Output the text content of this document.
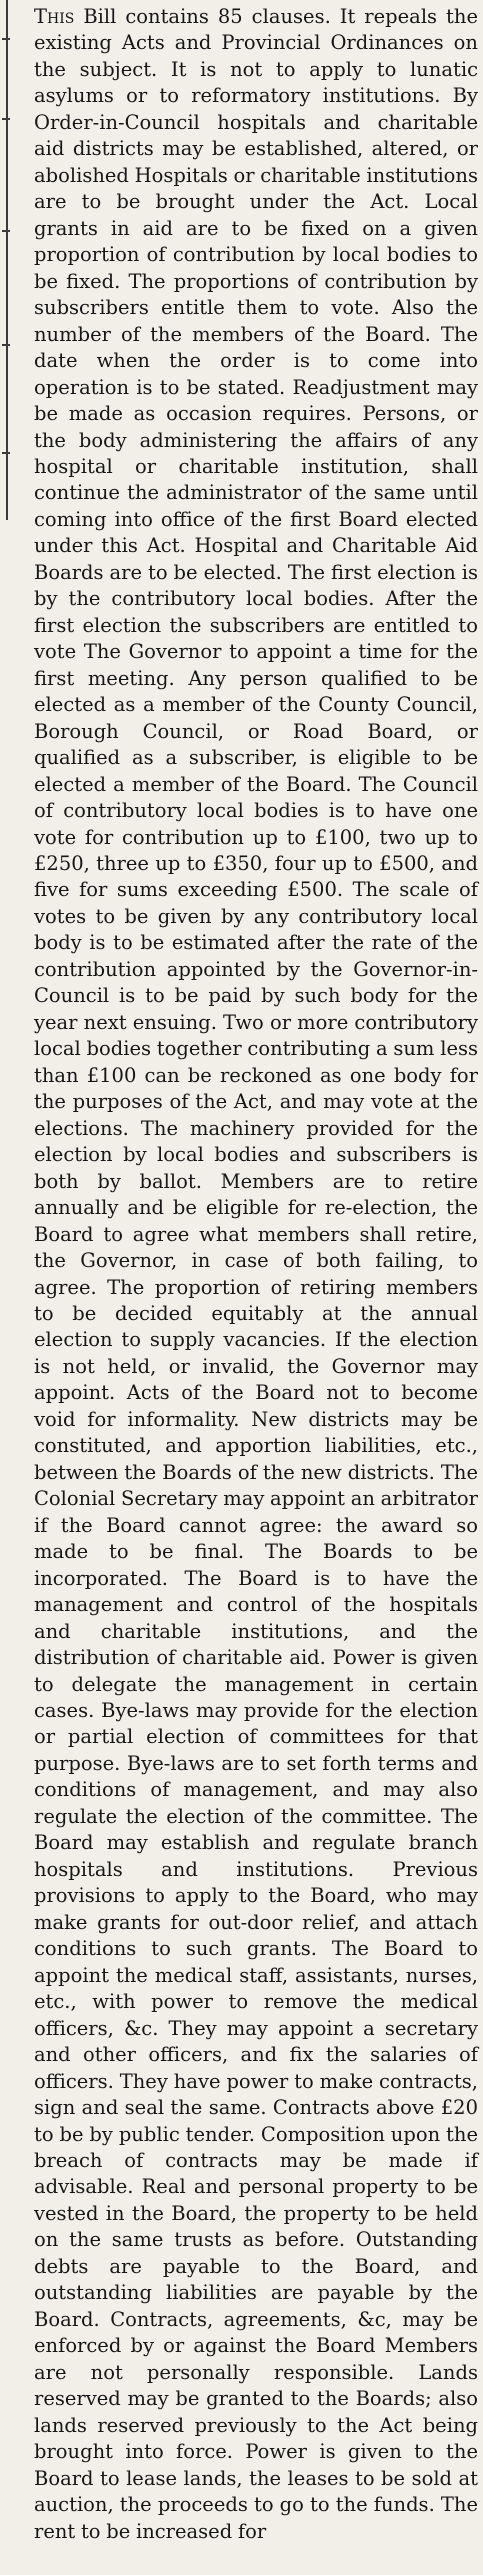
This Bill contains 85 clauses. It repeals the existing Acts and Provincial Ordinances on the subject. It is not to apply to lunatic asylums or to reformatory institutions. By Order-in-Council hospitals and charitable aid districts may be established, altered, or abolished Hospitals or charitable institutions are to be brought under the Act. Local grants in aid are to be fixed on a given proportion of contribution by local bodies to be fixed. The proportions of contribution by subscribers entitle them to vote. Also the number of the members of the Board. The date when the order is to come into operation is to be stated. Readjustment may be made as occasion requires. Persons, or the body administering the affairs of any hospital or charitable institution, shall continue the administrator of the same until coming into office of the first Board elected under this Act. Hospital and Charitable Aid Boards are to be elected. The first election is by the contributory local bodies. After the first election the subscribers are entitled to vote The Governor to appoint a time for the first meeting. Any person qualified to be elected as a member of the County Council, Borough Council, or Road Board, or qualified as a subscriber, is eligible to be elected a member of the Board. The Council of contributory local bodies is to have one vote for contribution up to £100, two up to £250, three up to £350, four up to £500, and five for sums exceeding £500. The scale of votes to be given by any contributory local body is to be estimated after the rate of the contribution appointed by the Governor-in-Council is to be paid by such body for the year next ensuing. Two or more contributory local bodies together contributing a sum less than £100 can be reckoned as one body for the purposes of the Act, and may vote at the elections. The machinery provided for the election by local bodies and subscribers is both by ballot. Members are to retire annually and be eligible for re-election, the Board to agree what members shall retire, the Governor, in case of both failing, to agree. The proportion of retiring members to be decided equitably at the annual election to supply vacancies. If the election is not held, or invalid, the Governor may appoint. Acts of the Board not to become void for informality. New districts may be constituted, and apportion liabilities, etc., between the Boards of the new districts. The Colonial Secretary may appoint an arbitrator if the Board cannot agree: the award so made to be final. The Boards to be incorporated. The Board is to have the management and control of the hospitals and charitable institutions, and the distribution of charitable aid. Power is given to delegate the management in certain cases. Bye-laws may provide for the election or partial election of committees for that purpose. Bye-laws are to set forth terms and conditions of management, and may also regulate the election of the committee. The Board may establish and regulate branch hospitals and institutions. Previous provisions to apply to the Board, who may make grants for out-door relief, and attach conditions to such grants. The Board to appoint the medical staff, assistants, nurses, etc., with power to remove the medical officers, &c. They may appoint a secretary and other officers, and fix the salaries of officers. They have power to make contracts, sign and seal the same. Contracts above £20 to be by public tender. Composition upon the breach of contracts may be made if advisable. Real and personal property to be vested in the Board, the property to be held on the same trusts as before. Outstanding debts are payable to the Board, and outstanding liabilities are payable by the Board. Contracts, agreements, &c, may be enforced by or against the Board Members are not personally responsible. Lands reserved may be granted to the Boards; also lands reserved previously to the Act being brought into force. Power is given to the Board to lease lands, the leases to be sold at auction, the proceeds to go to the funds. The rent to be increased for
